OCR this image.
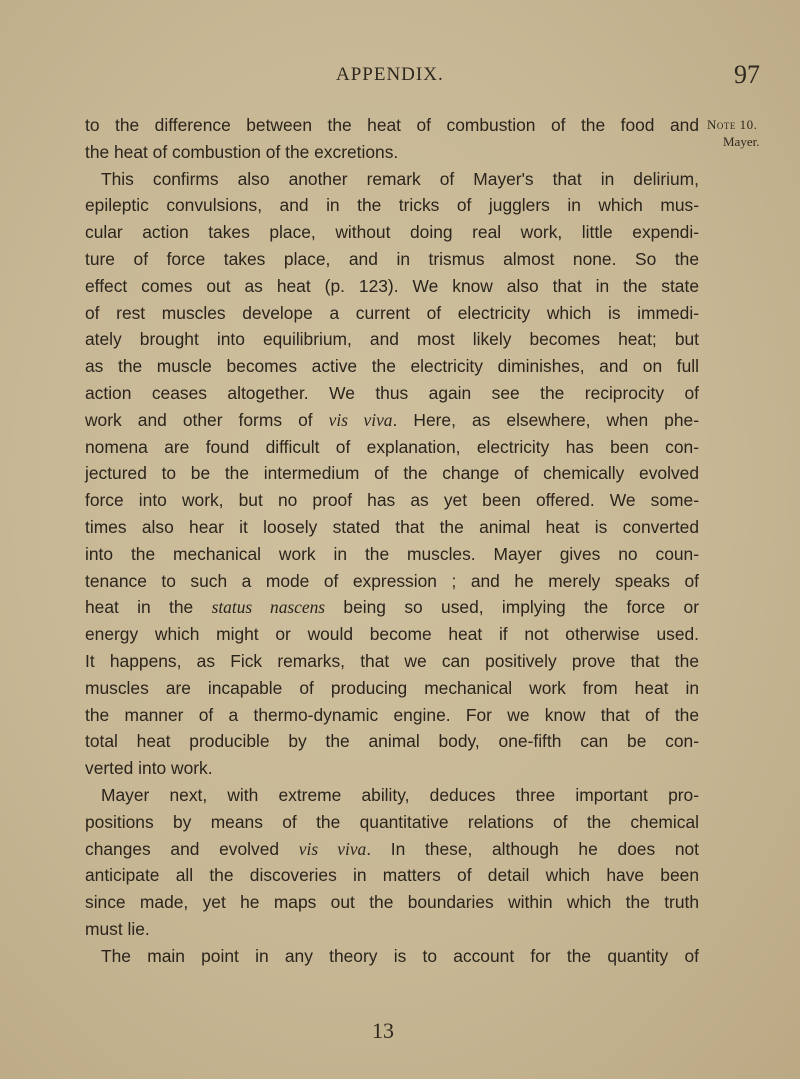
APPENDIX.	97
Note 10.
Mayer.
to the difference between the heat of combustion of the food and
the heat of combustion of the excretions.
This confirms also another remark of Mayer's that in delirium,
epileptic convulsions, and in the tricks of jugglers in which mus-
cular action takes place, without doing real work, little expendi-
ture of force takes place, and in trismus almost none. So the
effect comes out as heat (p. 123). We know also that in the state
of rest muscles develope a current of electricity which is immedi-
ately brought into equilibrium, and most likely becomes heat; but
as the muscle becomes active the electricity diminishes, and on full
action ceases altogether. We thus again see the reciprocity of
work and other forms of vis viva. Here, as elsewhere, when phe-
nomena are found difficult of explanation, electricity has been con-
jectured to be the intermedium of the change of chemically evolved
force into work, but no proof has as yet been offered. We some-
times also hear it loosely stated that the animal heat is converted
into the mechanical work in the muscles. Mayer gives no coun-
tenance to such a mode of expression ; and he merely speaks of
heat in the status nascens being so used, implying the force or
energy which might or would become heat if not otherwise used.
It happens, as Fick remarks, that we can positively prove that the
muscles are incapable of producing mechanical work from heat in
the manner of a thermo-dynamic engine. For we know that of the
total heat producible by the animal body, one-fifth can be con-
verted into work.
Mayer next, with extreme ability, deduces three important pro-
positions by means of the quantitative relations of the chemical
changes and evolved vis viva. In these, although he does not
anticipate all the discoveries in matters of detail which have been
since made, yet he maps out the boundaries within which the truth
must lie.
The main point in any theory is to account for the quantity of
13
